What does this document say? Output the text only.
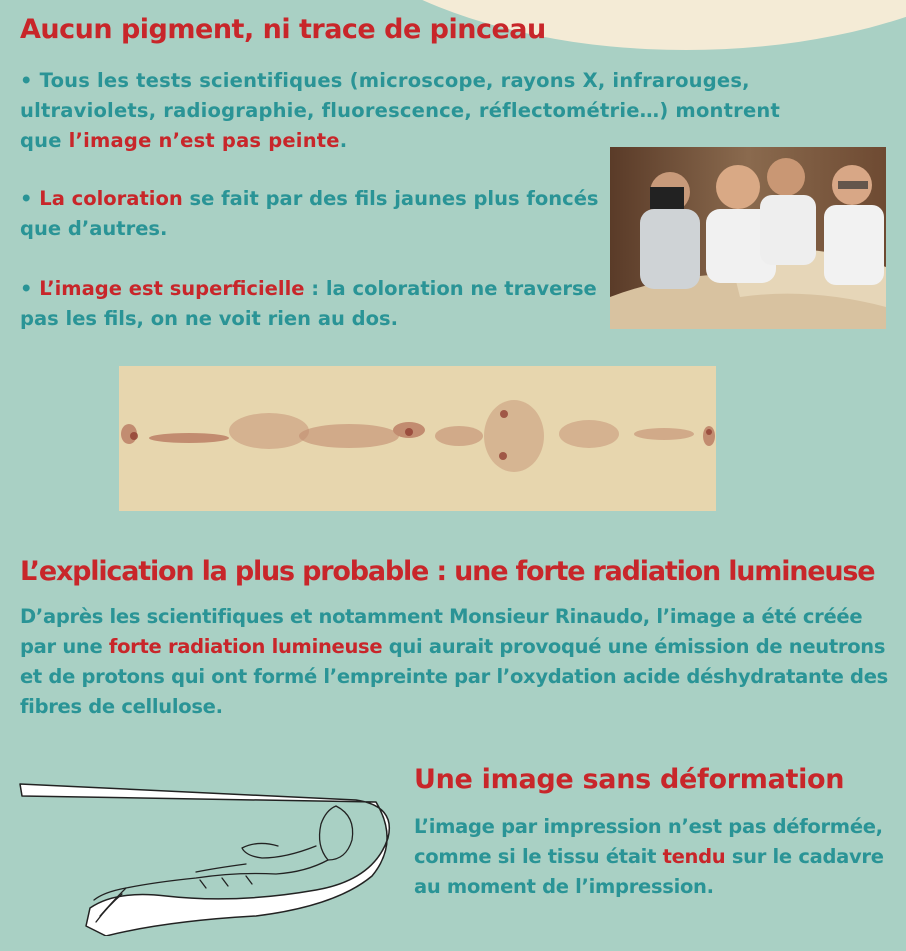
Aucun pigment, ni trace de pinceau

• Tous les tests scientifiques (microscope, rayons X, infrarouges, ultraviolets, radiographie, fluorescence, réflectométrie…) montrent que l’image n’est pas peinte.

• La coloration se fait par des fils jaunes plus foncés que d’autres.

• L’image est superficielle : la coloration ne traverse pas les fils, on ne voit rien au dos.

L’explication la plus probable : une forte radiation lumineuse

D’après les scientifiques et notamment Monsieur Rinaudo, l’image a été créée par une forte radiation lumineuse qui aurait provoqué une émission de neutrons et de protons qui ont formé l’empreinte par l’oxydation acide déshydratante des fibres de cellulose.

Une image sans déformation

L’image par impression n’est pas déformée, comme si le tissu était tendu sur le cadavre au moment de l’impression.
